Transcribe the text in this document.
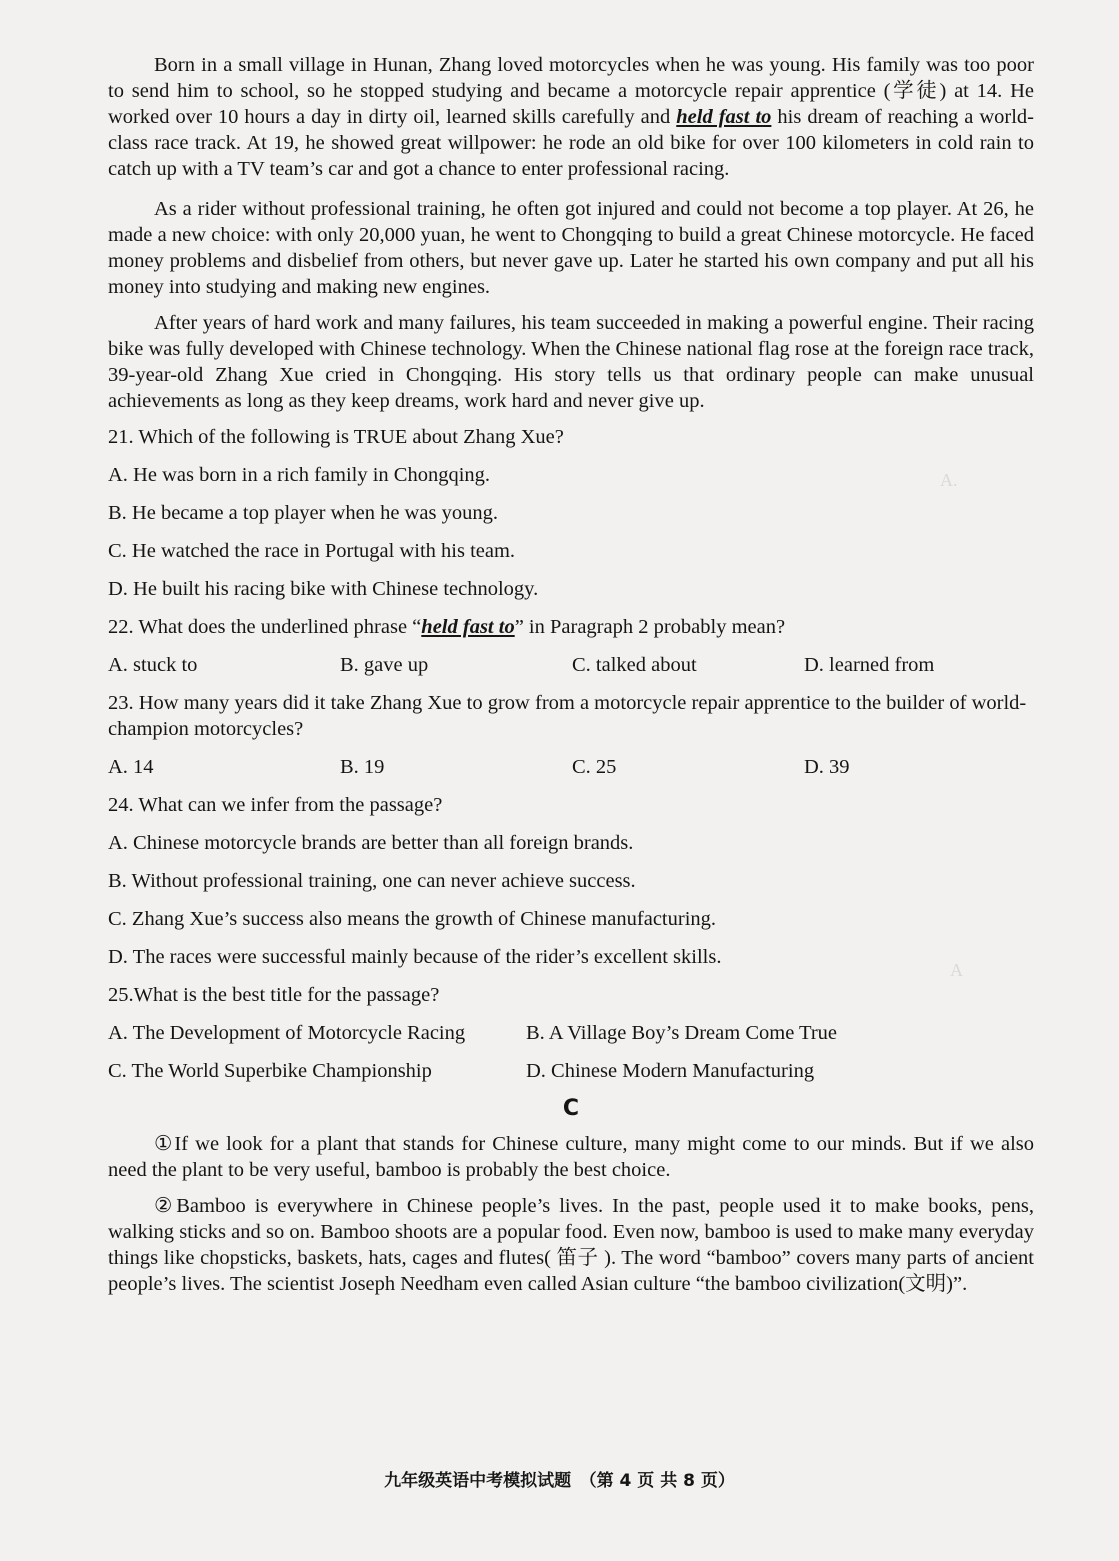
A.
A

Born in a small village in Hunan, Zhang loved motorcycles when he was young. His family was too poor to send him to school, so he stopped studying and became a motorcycle repair apprentice (学徒) at 14. He worked over 10 hours a day in dirty oil, learned skills carefully and held fast to his dream of reaching a world-class race track. At 19, he showed great willpower: he rode an old bike for over 100 kilometers in cold rain to catch up with a TV team’s car and got a chance to enter professional racing.

As a rider without professional training, he often got injured and could not become a top player. At 26, he made a new choice: with only 20,000 yuan, he went to Chongqing to build a great Chinese motorcycle. He faced money problems and disbelief from others, but never gave up. Later he started his own company and put all his money into studying and making new engines.

After years of hard work and many failures, his team succeeded in making a powerful engine. Their racing bike was fully developed with Chinese technology. When the Chinese national flag rose at the foreign race track, 39-year-old Zhang Xue cried in Chongqing. His story tells us that ordinary people can make unusual achievements as long as they keep dreams, work hard and never give up.

21. Which of the following is TRUE about Zhang Xue?
A. He was born in a rich family in Chongqing.
B. He became a top player when he was young.
C. He watched the race in Portugal with his team.
D. He built his racing bike with Chinese technology.
22. What does the underlined phrase “held fast to” in Paragraph 2 probably mean?
A. stuck to	B. gave up	C. talked about	D. learned from
23. How many years did it take Zhang Xue to grow from a motorcycle repair apprentice to the builder of world-champion motorcycles?
A. 14	B. 19	C. 25	D. 39
24. What can we infer from the passage?
A. Chinese motorcycle brands are better than all foreign brands.
B. Without professional training, one can never achieve success.
C. Zhang Xue’s success also means the growth of Chinese manufacturing.
D. The races were successful mainly because of the rider’s excellent skills.
25.What is the best title for the passage?
A. The Development of Motorcycle Racing	B. A Village Boy’s Dream Come True
C. The World Superbike Championship	D. Chinese Modern Manufacturing
C

①If we look for a plant that stands for Chinese culture, many might come to our minds. But if we also need the plant to be very useful, bamboo is probably the best choice.

②Bamboo is everywhere in Chinese people’s lives. In the past, people used it to make books, pens, walking sticks and so on. Bamboo shoots are a popular food. Even now, bamboo is used to make many everyday things like chopsticks, baskets, hats, cages and flutes( 笛子 ). The word “bamboo” covers many parts of ancient people’s lives. The scientist Joseph Needham even called Asian culture “the bamboo civilization(文明)”.

九年级英语中考模拟试题　（第 4 页 共 8 页）
